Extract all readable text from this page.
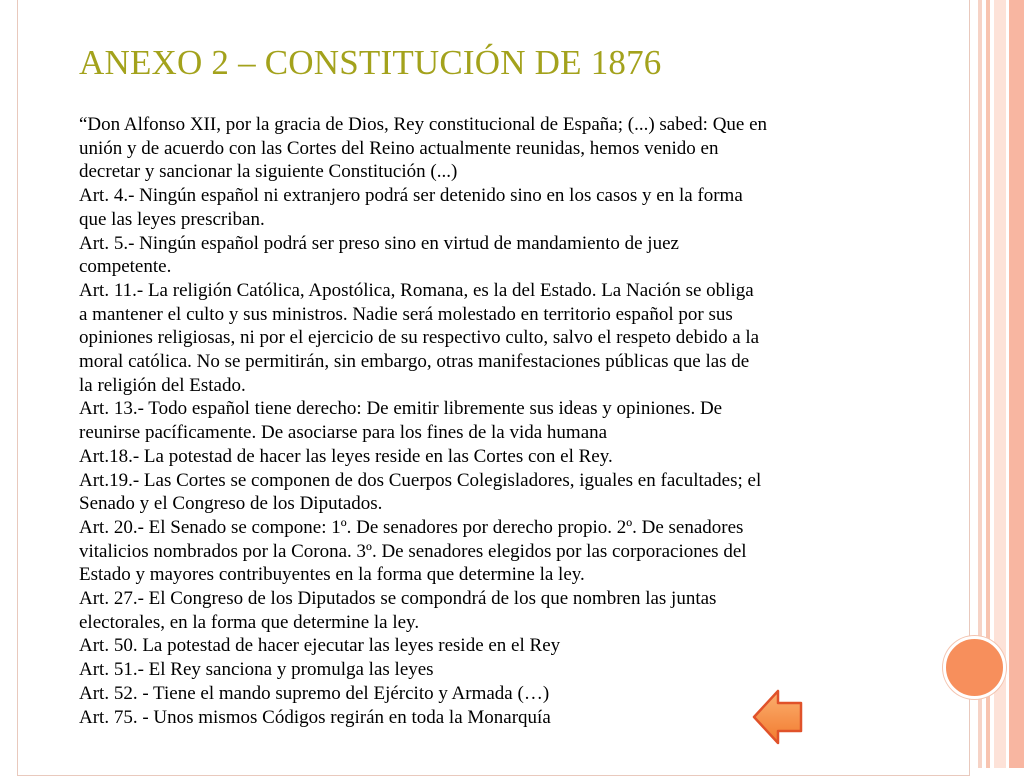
ANEXO 2 – CONSTITUCIÓN DE 1876

“Don Alfonso XII, por la gracia de Dios, Rey constitucional de España; (...) sabed: Que en

unión y de acuerdo con las Cortes del Reino actualmente reunidas, hemos venido en

decretar y sancionar la siguiente Constitución (...)

Art. 4.- Ningún español ni extranjero podrá ser detenido sino en los casos y en la forma

que las leyes prescriban.

Art. 5.- Ningún español podrá ser preso sino en virtud de mandamiento de juez

competente.

Art. 11.- La religión Católica, Apostólica, Romana, es la del Estado. La Nación se obliga

a mantener el culto y sus ministros. Nadie será molestado en territorio español por sus

opiniones religiosas, ni por el ejercicio de su respectivo culto, salvo el respeto debido a la

moral católica. No se permitirán, sin embargo, otras manifestaciones públicas que las de

la religión del Estado.

Art. 13.- Todo español tiene derecho: De emitir libremente sus ideas y opiniones. De

reunirse pacíficamente. De asociarse para los fines de la vida humana

Art.18.- La potestad de hacer las leyes reside en las Cortes con el Rey.

Art.19.- Las Cortes se componen de dos Cuerpos Colegisladores, iguales en facultades; el

Senado y el Congreso de los Diputados.

Art. 20.- El Senado se compone: 1º. De senadores por derecho propio. 2º. De senadores

vitalicios nombrados por la Corona. 3º. De senadores elegidos por las corporaciones del

Estado y mayores contribuyentes en la forma que determine la ley.

Art. 27.- El Congreso de los Diputados se compondrá de los que nombren las juntas

electorales, en la forma que determine la ley.

Art. 50. La potestad de hacer ejecutar las leyes reside en el Rey

Art. 51.- El Rey sanciona y promulga las leyes

Art. 52. - Tiene el mando supremo del Ejército y Armada (…)

Art. 75. - Unos mismos Códigos regirán en toda la Monarquía
